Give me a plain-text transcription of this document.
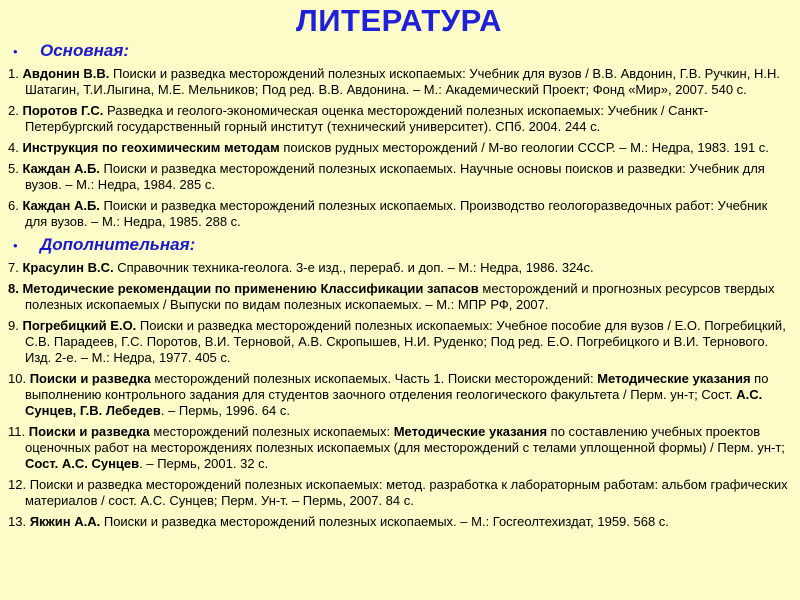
ЛИТЕРАТУРА
•	Основная:
1. Авдонин В.В. Поиски и разведка месторождений полезных ископаемых: Учебник для вузов / В.В. Авдонин, Г.В. Ручкин, Н.Н. Шатагин, Т.И.Лыгина, М.Е. Мельников; Под ред. В.В. Авдонина. – М.: Академический Проект; Фонд «Мир», 2007. 540 с.
2. Поротов Г.С. Разведка и геолого-экономическая оценка месторождений полезных ископаемых: Учебник / Санкт-Петербургский государственный горный институт (технический университет). СПб. 2004. 244 с.
4. Инструкция по геохимическим методам поисков рудных месторождений / М-во геологии СССР. – М.: Недра, 1983. 191 с.
5. Каждан А.Б. Поиски и разведка месторождений полезных ископаемых. Научные основы поисков и разведки: Учебник для вузов. – М.: Недра, 1984. 285 с.
6. Каждан А.Б. Поиски и разведка месторождений полезных ископаемых. Производство геологоразведочных работ: Учебник для вузов. – М.: Недра, 1985. 288 с.
•	Дополнительная:
7. Красулин В.С. Справочник техника-геолога. 3-е изд., перераб. и доп. – М.: Недра, 1986. 324с.
8. Методические рекомендации по применению Классификации запасов месторождений и прогнозных ресурсов твердых полезных ископаемых / Выпуски по видам полезных ископаемых. – М.: МПР РФ, 2007.
9. Погребицкий Е.О. Поиски и разведка месторождений полезных ископаемых: Учебное пособие для вузов / Е.О. Погребицкий, С.В. Парадеев, Г.С. Поротов, В.И. Терновой, А.В. Скропышев, Н.И. Руденко; Под ред. Е.О. Погребицкого и В.И. Терновогo. Изд. 2-е. – М.: Недра, 1977. 405 с.
10. Поиски и разведка месторождений полезных ископаемых. Часть 1. Поиски месторождений: Методические указания по выполнению контрольного задания для студентов заочного отделения геологического факультета / Перм. ун-т; Сост. А.С. Сунцев, Г.В. Лебедев. – Пермь, 1996. 64 с.
11. Поиски и разведка месторождений полезных ископаемых: Методические указания по составлению учебных проектов оценочных работ на месторождениях полезных ископаемых (для месторождений с телами уплощенной формы) / Перм. ун-т; Сост. А.С. Сунцев. – Пермь, 2001. 32 с.
12. Поиски и разведка месторождений полезных ископаемых: метод. разработка к лабораторным работам: альбом графических материалов / сост. А.С. Сунцев; Перм. Ун-т. – Пермь, 2007. 84 с.
13. Якжин А.А. Поиски и разведка месторождений полезных ископаемых. – М.: Госгеолтехиздат, 1959. 568 с.
